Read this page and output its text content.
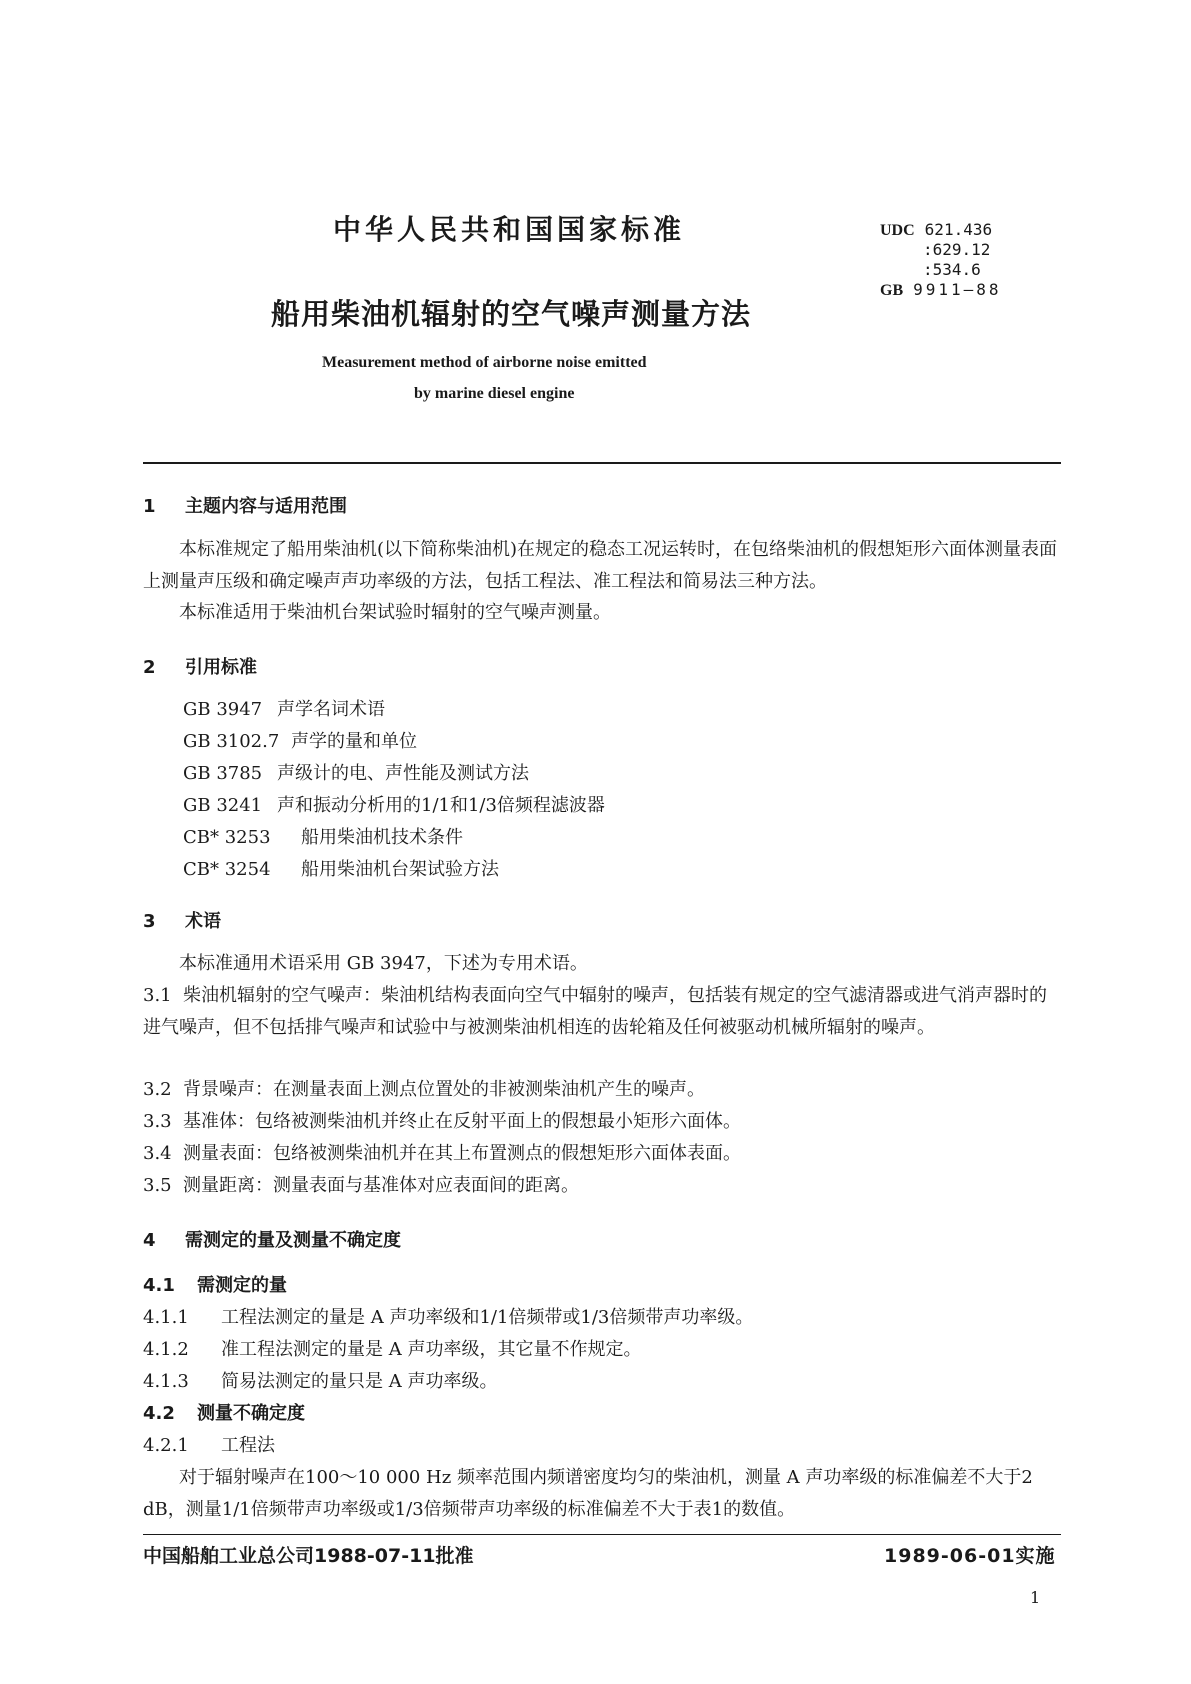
中华人民共和国国家标准	UDC 621.436
:629.12
:534.6
GB 9911—88
船用柴油机辐射的空气噪声测量方法
Measurement method of airborne noise emitted
by marine diesel engine
1 主题内容与适用范围
本标准规定了船用柴油机(以下简称柴油机)在规定的稳态工况运转时，在包络柴油机的假想矩形六面体测量表面上测量声压级和确定噪声声功率级的方法，包括工程法、准工程法和简易法三种方法。
本标准适用于柴油机台架试验时辐射的空气噪声测量。
2 引用标准
GB 3947 声学名词术语
GB 3102.7 声学的量和单位
GB 3785 声级计的电、声性能及测试方法
GB 3241 声和振动分析用的1/1和1/3倍频程滤波器
CB* 3253 船用柴油机技术条件
CB* 3254 船用柴油机台架试验方法
3 术语
本标准通用术语采用 GB 3947，下述为专用术语。
3.1 柴油机辐射的空气噪声：柴油机结构表面向空气中辐射的噪声，包括装有规定的空气滤清器或进气消声器时的进气噪声，但不包括排气噪声和试验中与被测柴油机相连的齿轮箱及任何被驱动机械所辐射的噪声。
3.2 背景噪声：在测量表面上测点位置处的非被测柴油机产生的噪声。
3.3 基准体：包络被测柴油机并终止在反射平面上的假想最小矩形六面体。
3.4 测量表面：包络被测柴油机并在其上布置测点的假想矩形六面体表面。
3.5 测量距离：测量表面与基准体对应表面间的距离。
4 需测定的量及测量不确定度
4.1 需测定的量
4.1.1 工程法测定的量是 A 声功率级和1/1倍频带或1/3倍频带声功率级。
4.1.2 准工程法测定的量是 A 声功率级，其它量不作规定。
4.1.3 简易法测定的量只是 A 声功率级。
4.2 测量不确定度
4.2.1 工程法
对于辐射噪声在100～10 000 Hz 频率范围内频谱密度均匀的柴油机，测量 A 声功率级的标准偏差不大于2 dB，测量1/1倍频带声功率级或1/3倍频带声功率级的标准偏差不大于表1的数值。
中国船舶工业总公司1988-07-11批准	1989-06-01实施
1
